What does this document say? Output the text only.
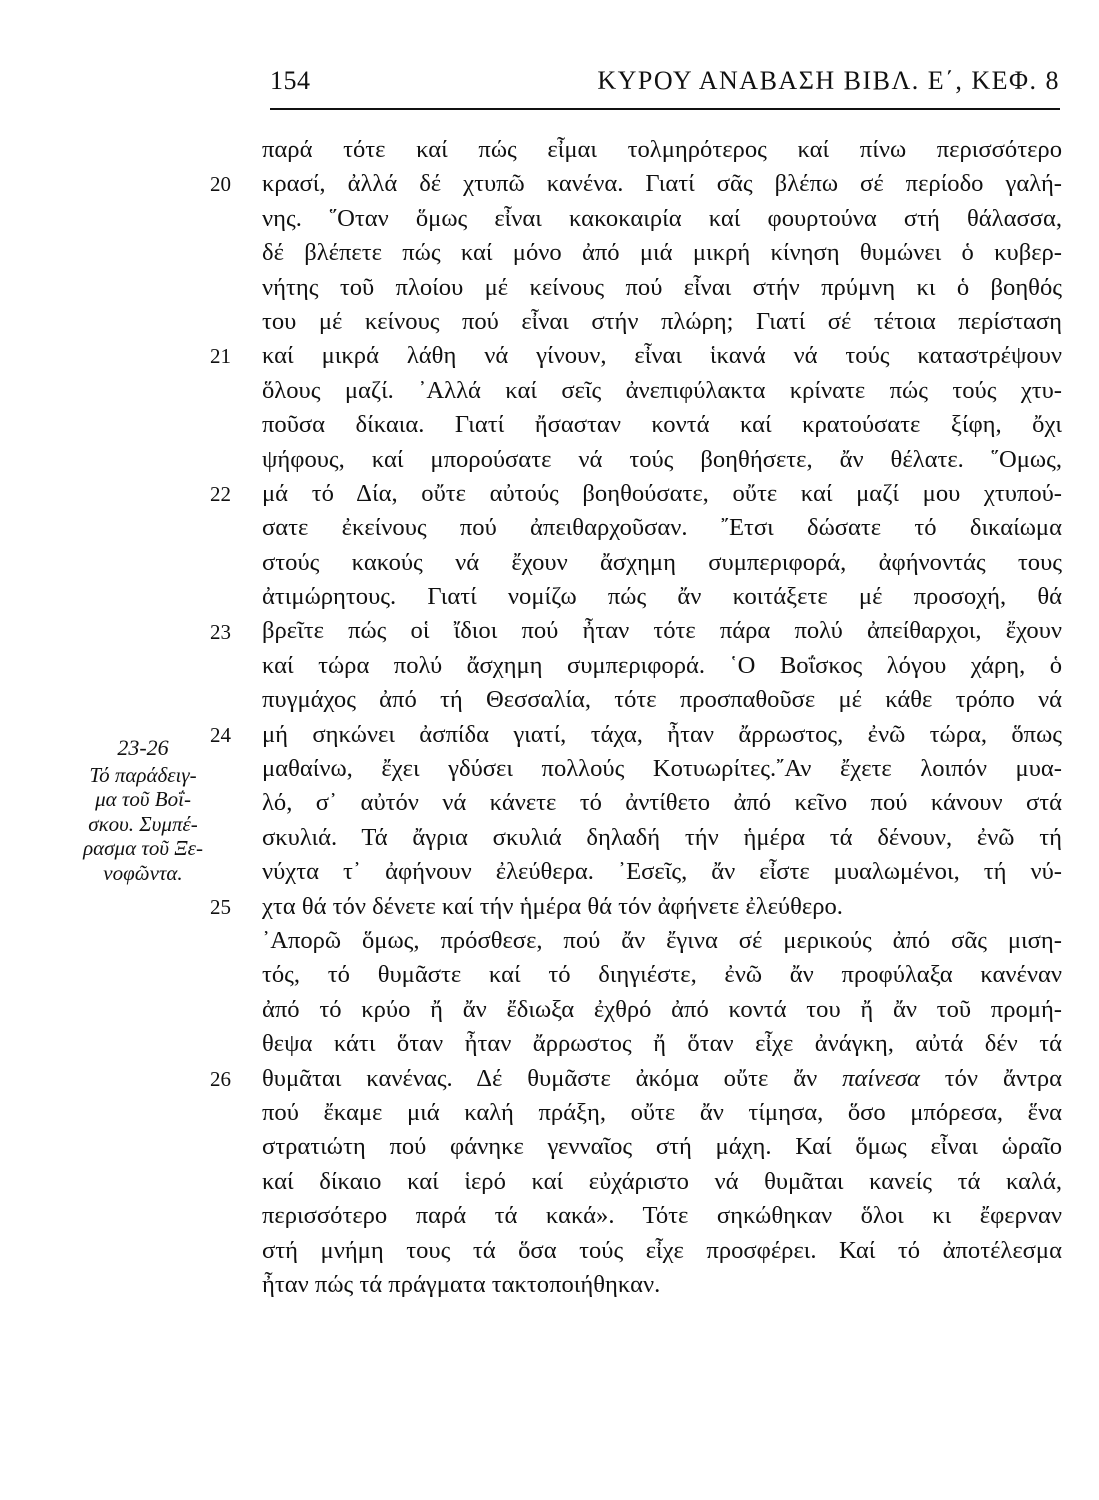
154	ΚΥΡΟΥ ΑΝΑΒΑΣΗ ΒΙΒΛ. Ε΄, ΚΕΦ. 8
23-26
Τό παράδειγ-
μα τοῦ Βοΐ-
σκου. Συμπέ-
ρασμα τοῦ Ξε-
νοφῶντα.
20
21
22
23
24
25
26
παρά τότε καί πώς εἶμαι τολμηρότερος καί πίνω περισσότερο
κρασί, ἀλλά δέ χτυπῶ κανένα. Γιατί σᾶς βλέπω σέ περίοδο γαλή-
νης. ῞Οταν ὅμως εἶναι κακοκαιρία καί φουρτούνα στή θάλασσα,
δέ βλέπετε πώς καί μόνο ἀπό μιά μικρή κίνηση θυμώνει ὁ κυβερ-
νήτης τοῦ πλοίου μέ κείνους πού εἶναι στήν πρύμνη κι ὁ βοηθός
του μέ κείνους πού εἶναι στήν πλώρη; Γιατί σέ τέτοια περίσταση
καί μικρά λάθη νά γίνουν, εἶναι ἱκανά νά τούς καταστρέψουν
ὅλους μαζί. ᾿Αλλά καί σεῖς ἀνεπιφύλακτα κρίνατε πώς τούς χτυ-
ποῦσα δίκαια. Γιατί ἤσασταν κοντά καί κρατούσατε ξίφη, ὄχι
ψήφους, καί μπορούσατε νά τούς βοηθήσετε, ἄν θέλατε. ῞Ομως,
μά τό Δία, οὔτε αὐτούς βοηθούσατε, οὔτε καί μαζί μου χτυπού-
σατε ἐκείνους πού ἀπειθαρχοῦσαν. ῎Ετσι δώσατε τό δικαίωμα
στούς κακούς νά ἔχουν ἄσχημη συμπεριφορά, ἀφήνοντάς τους
ἀτιμώρητους. Γιατί νομίζω πώς ἄν κοιτάξετε μέ προσοχή, θά
βρεῖτε πώς οἱ ἴδιοι πού ἦταν τότε πάρα πολύ ἀπείθαρχοι, ἔχουν
καί τώρα πολύ ἄσχημη συμπεριφορά. ῾Ο Βοΐσκος λόγου χάρη, ὁ
πυγμάχος ἀπό τή Θεσσαλία, τότε προσπαθοῦσε μέ κάθε τρόπο νά
μή σηκώνει ἀσπίδα γιατί, τάχα, ἦταν ἄρρωστος, ἐνῶ τώρα, ὅπως
μαθαίνω, ἔχει γδύσει πολλούς Κοτυωρίτες.῎Αν ἔχετε λοιπόν μυα-
λό, σ᾿ αὐτόν νά κάνετε τό ἀντίθετο ἀπό κεῖνο πού κάνουν στά
σκυλιά. Τά ἄγρια σκυλιά δηλαδή τήν ἡμέρα τά δένουν, ἐνῶ τή
νύχτα τ᾿ ἀφήνουν ἐλεύθερα. ᾿Εσεῖς, ἄν εἶστε μυαλωμένοι, τή νύ-
χτα θά τόν δένετε καί τήν ἡμέρα θά τόν ἀφήνετε ἐλεύθερο.
᾿Απορῶ ὅμως, πρόσθεσε, πού ἄν ἔγινα σέ μερικούς ἀπό σᾶς μιση-
τός, τό θυμᾶστε καί τό διηγιέστε, ἐνῶ ἄν προφύλαξα κανέναν
ἀπό τό κρύο ἤ ἄν ἔδιωξα ἐχθρό ἀπό κοντά του ἤ ἄν τοῦ προμή-
θεψα κάτι ὅταν ἦταν ἄρρωστος ἤ ὅταν εἶχε ἀνάγκη, αὐτά δέν τά
θυμᾶται κανένας. Δέ θυμᾶστε ἀκόμα οὔτε ἄν παίνεσα τόν ἄντρα
πού ἔκαμε μιά καλή πράξη, οὔτε ἄν τίμησα, ὅσο μπόρεσα, ἕνα
στρατιώτη πού φάνηκε γενναῖος στή μάχη. Καί ὅμως εἶναι ὡραῖο
καί δίκαιο καί ἱερό καί εὐχάριστο νά θυμᾶται κανείς τά καλά,
περισσότερο παρά τά κακά». Τότε σηκώθηκαν ὅλοι κι ἔφερναν
στή μνήμη τους τά ὅσα τούς εἶχε προσφέρει. Καί τό ἀποτέλεσμα
ἦταν πώς τά πράγματα τακτοποιήθηκαν.
